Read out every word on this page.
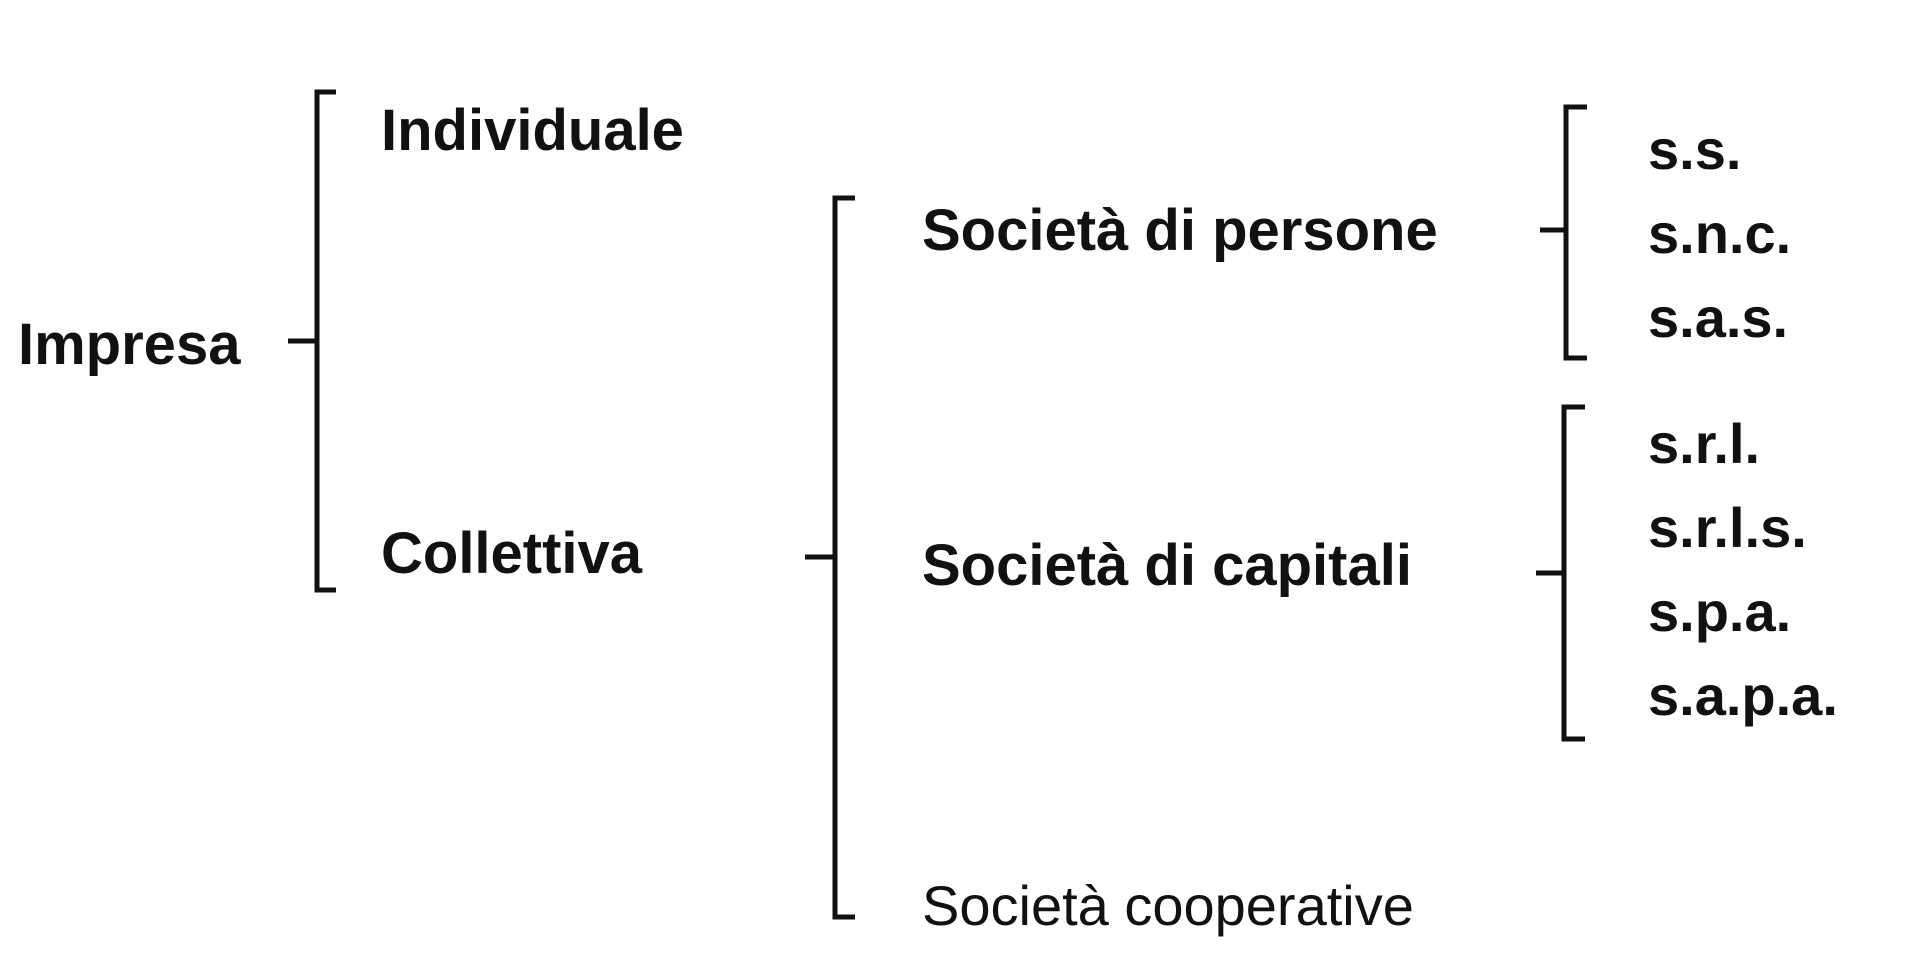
Impresa
Individuale
Collettiva
Società di persone
Società di capitali
Società cooperative
s.s.
s.n.c.
s.a.s.
s.r.l.
s.r.l.s.
s.p.a.
s.a.p.a.
